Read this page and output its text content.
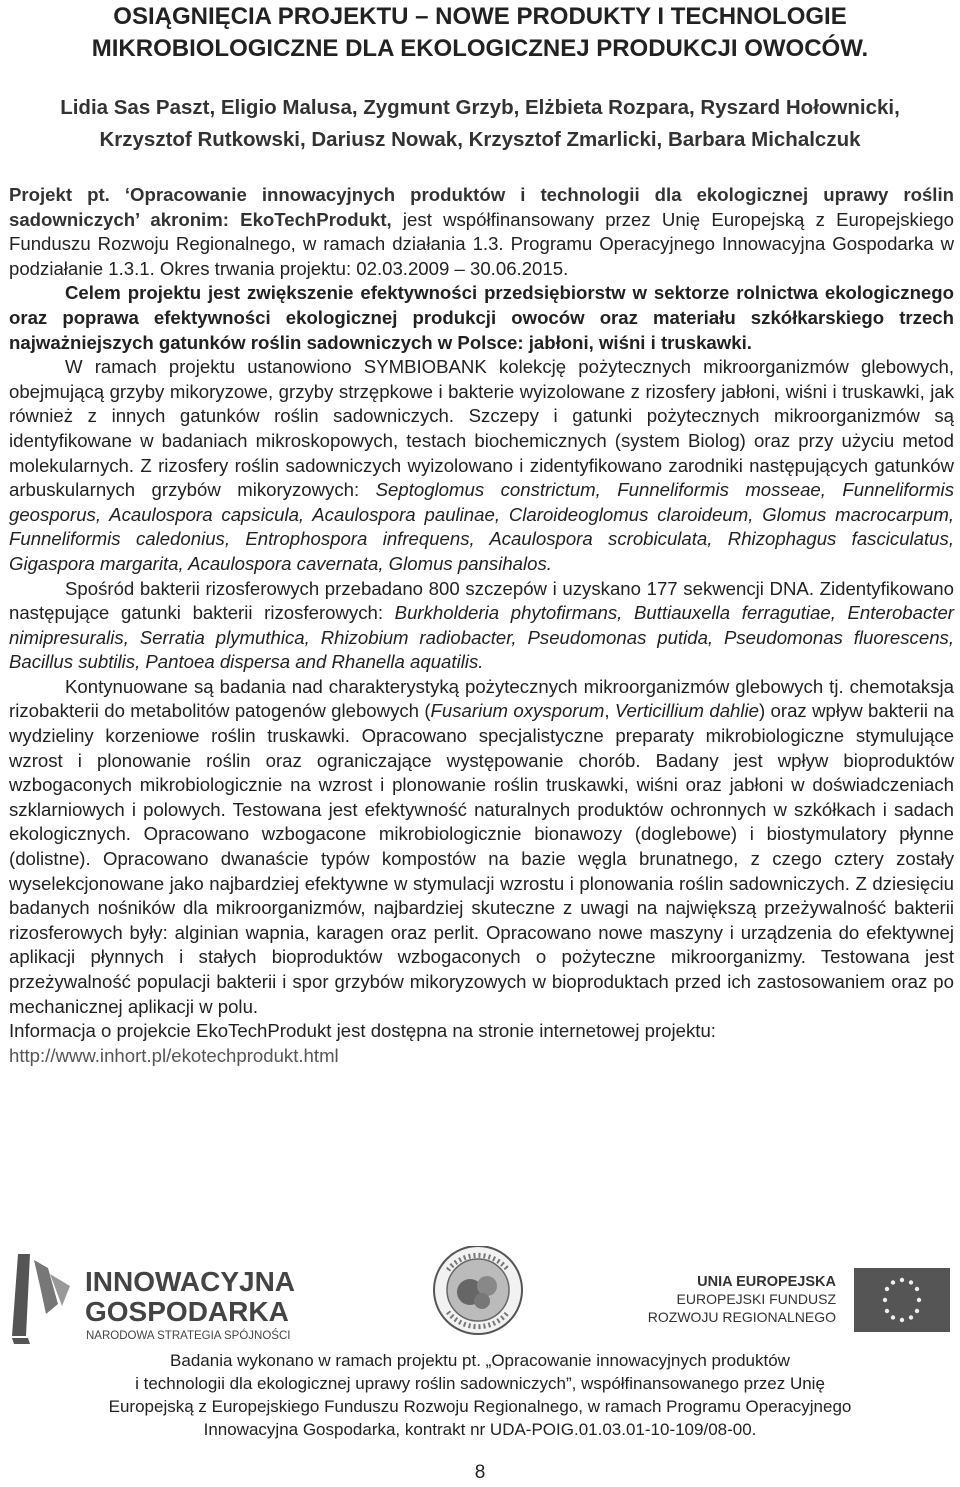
OSIĄGNIĘCIA PROJEKTU – NOWE PRODUKTY I TECHNOLOGIE
MIKROBIOLOGICZNE DLA EKOLOGICZNEJ PRODUKCJI OWOCÓW.
Lidia Sas Paszt, Eligio Malusa, Zygmunt Grzyb, Elżbieta Rozpara, Ryszard Hołownicki,
Krzysztof Rutkowski, Dariusz Nowak, Krzysztof Zmarlicki, Barbara Michalczuk

Projekt pt. ‘Opracowanie innowacyjnych produktów i technologii dla ekologicznej uprawy roślin sadowniczych’ akronim: EkoTechProdukt, jest współfinansowany przez Unię Europejską z Europejskiego Funduszu Rozwoju Regionalnego, w ramach działania 1.3. Programu Operacyjnego Innowacyjna Gospodarka w podziałanie 1.3.1. Okres trwania projektu: 02.03.2009 – 30.06.2015.

Celem projektu jest zwiększenie efektywności przedsiębiorstw w sektorze rolnictwa ekologicznego oraz poprawa efektywności ekologicznej produkcji owoców oraz materiału szkółkarskiego trzech najważniejszych gatunków roślin sadowniczych w Polsce: jabłoni, wiśni i truskawki.

W ramach projektu ustanowiono SYMBIOBANK kolekcję pożytecznych mikroorganizmów glebowych, obejmującą grzyby mikoryzowe, grzyby strzępkowe i bakterie wyizolowane z rizosfery jabłoni, wiśni i truskawki, jak również z innych gatunków roślin sadowniczych. Szczepy i gatunki pożytecznych mikroorganizmów są identyfikowane w badaniach mikroskopowych, testach biochemicznych (system Biolog) oraz przy użyciu metod molekularnych. Z rizosfery roślin sadowniczych wyizolowano i zidentyfikowano zarodniki następujących gatunków arbuskularnych grzybów mikoryzowych: Septoglomus constrictum, Funneliformis mosseae, Funneliformis geosporus, Acaulospora capsicula, Acaulospora paulinae, Claroideoglomus claroideum, Glomus macrocarpum, Funneliformis caledonius, Entrophospora infrequens, Acaulospora scrobiculata, Rhizophagus fasciculatus, Gigaspora margarita, Acaulospora cavernata, Glomus pansihalos.

Spośród bakterii rizosferowych przebadano 800 szczepów i uzyskano 177 sekwencji DNA. Zidentyfikowano następujące gatunki bakterii rizosferowych: Burkholderia phytofirmans, Buttiauxella ferragutiae, Enterobacter nimipresuralis, Serratia plymuthica, Rhizobium radiobacter, Pseudomonas putida, Pseudomonas fluorescens, Bacillus subtilis, Pantoea dispersa and Rhanella aquatilis.

Kontynuowane są badania nad charakterystyką pożytecznych mikroorganizmów glebowych tj. chemotaksja rizobakterii do metabolitów patogenów glebowych (Fusarium oxysporum, Verticillium dahlie) oraz wpływ bakterii na wydzieliny korzeniowe roślin truskawki. Opracowano specjalistyczne preparaty mikrobiologiczne stymulujące wzrost i plonowanie roślin oraz ograniczające występowanie chorób. Badany jest wpływ bioproduktów wzbogaconych mikrobiologicznie na wzrost i plonowanie roślin truskawki, wiśni oraz jabłoni w doświadczeniach szklarniowych i polowych. Testowana jest efektywność naturalnych produktów ochronnych w szkółkach i sadach ekologicznych. Opracowano wzbogacone mikrobiologicznie bionawozy (doglebowe) i biostymulatory płynne (dolistne). Opracowano dwanaście typów kompostów na bazie węgla brunatnego, z czego cztery zostały wyselekcjonowane jako najbardziej efektywne w stymulacji wzrostu i plonowania roślin sadowniczych. Z dziesięciu badanych nośników dla mikroorganizmów, najbardziej skuteczne z uwagi na największą przeżywalność bakterii rizosferowych były: alginian wapnia, karagen oraz perlit. Opracowano nowe maszyny i urządzenia do efektywnej aplikacji płynnych i stałych bioproduktów wzbogaconych o pożyteczne mikroorganizmy. Testowana jest przeżywalność populacji bakterii i spor grzybów mikoryzowych w bioproduktach przed ich zastosowaniem oraz po mechanicznej aplikacji w polu.

Informacja o projekcie EkoTechProdukt jest dostępna na stronie internetowej projektu:

http://www.inhort.pl/ekotechprodukt.html

INNOWACYJNA
GOSPODARKA
NARODOWA STRATEGIA SPÓJNOŚCI
UNIA EUROPEJSKA
EUROPEJSKI FUNDUSZ
ROZWOJU REGIONALNEGO
Badania wykonano w ramach projektu pt. „Opracowanie innowacyjnych produktów
i technologii dla ekologicznej uprawy roślin sadowniczych”, współfinansowanego przez Unię
Europejską z Europejskiego Funduszu Rozwoju Regionalnego, w ramach Programu Operacyjnego
Innowacyjna Gospodarka, kontrakt nr UDA-POIG.01.03.01-10-109/08-00.
8
